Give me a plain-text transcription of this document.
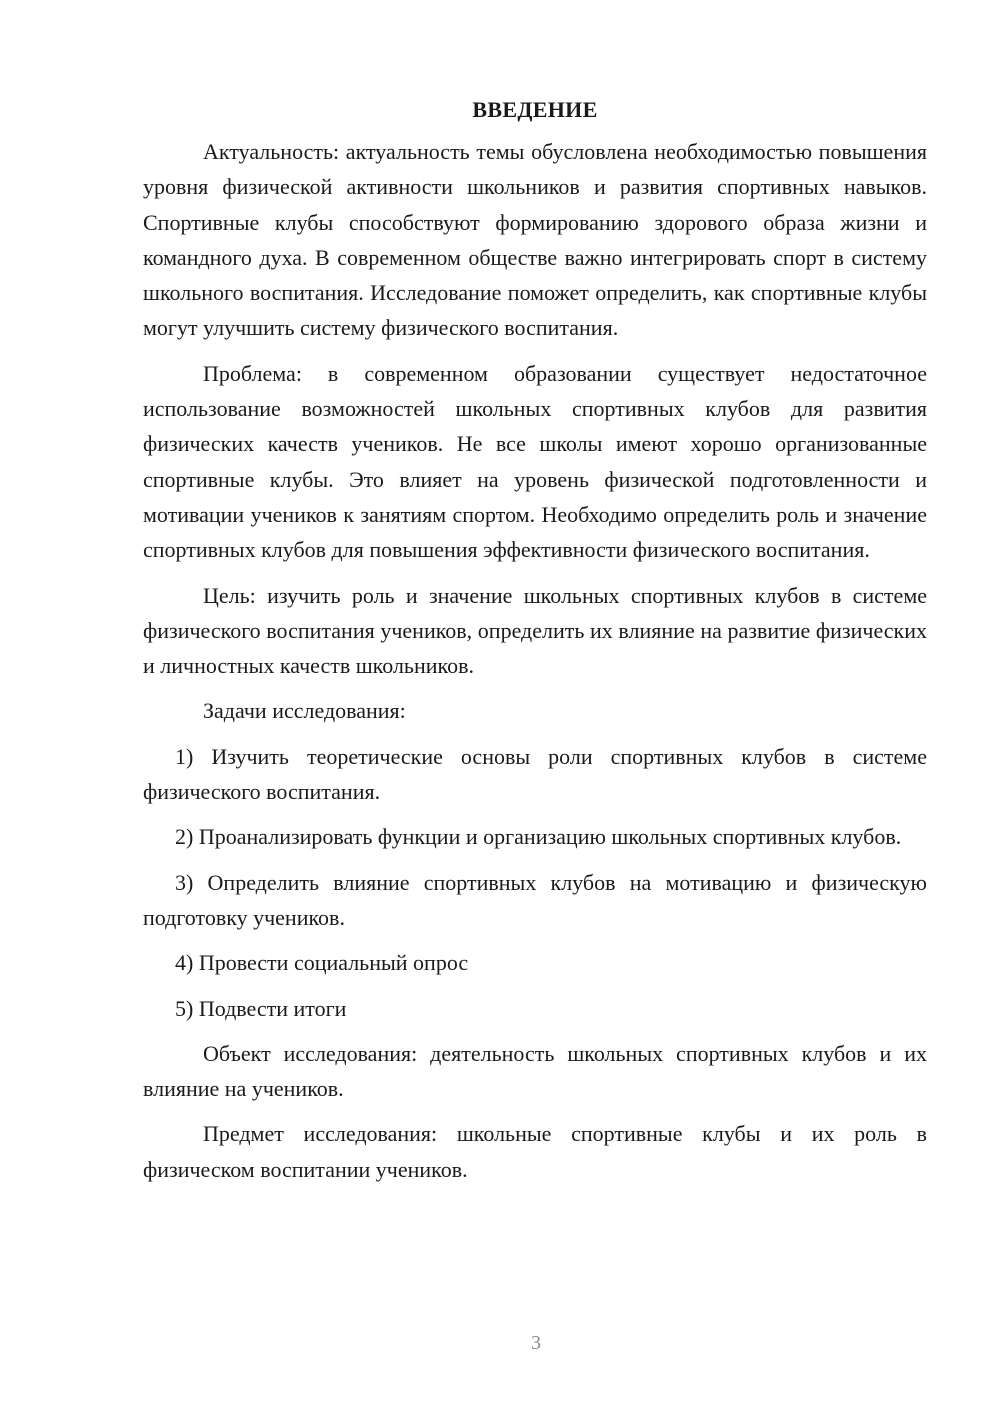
ВВЕДЕНИЕ

Актуальность: актуальность темы обусловлена необходимостью повышения уровня физической активности школьников и развития спортивных навыков. Спортивные клубы способствуют формированию здорового образа жизни и командного духа. В современном обществе важно интегрировать спорт в систему школьного воспитания. Исследование поможет определить, как спортивные клубы могут улучшить систему физического воспитания.

Проблема: в современном образовании существует недостаточное использование возможностей школьных спортивных клубов для развития физических качеств учеников. Не все школы имеют хорошо организованные спортивные клубы. Это влияет на уровень физической подготовленности и мотивации учеников к занятиям спортом. Необходимо определить роль и значение спортивных клубов для повышения эффективности физического воспитания.

Цель: изучить роль и значение школьных спортивных клубов в системе физического воспитания учеников, определить их влияние на развитие физических и личностных качеств школьников.

Задачи исследования:

1) Изучить теоретические основы роли спортивных клубов в системе физического воспитания.

2) Проанализировать функции и организацию школьных спортивных клубов.

3) Определить влияние спортивных клубов на мотивацию и физическую подготовку учеников.

4) Провести социальный опрос

5) Подвести итоги

Объект исследования: деятельность школьных спортивных клубов и их влияние на учеников.

Предмет исследования: школьные спортивные клубы и их роль в физическом воспитании учеников.

3
